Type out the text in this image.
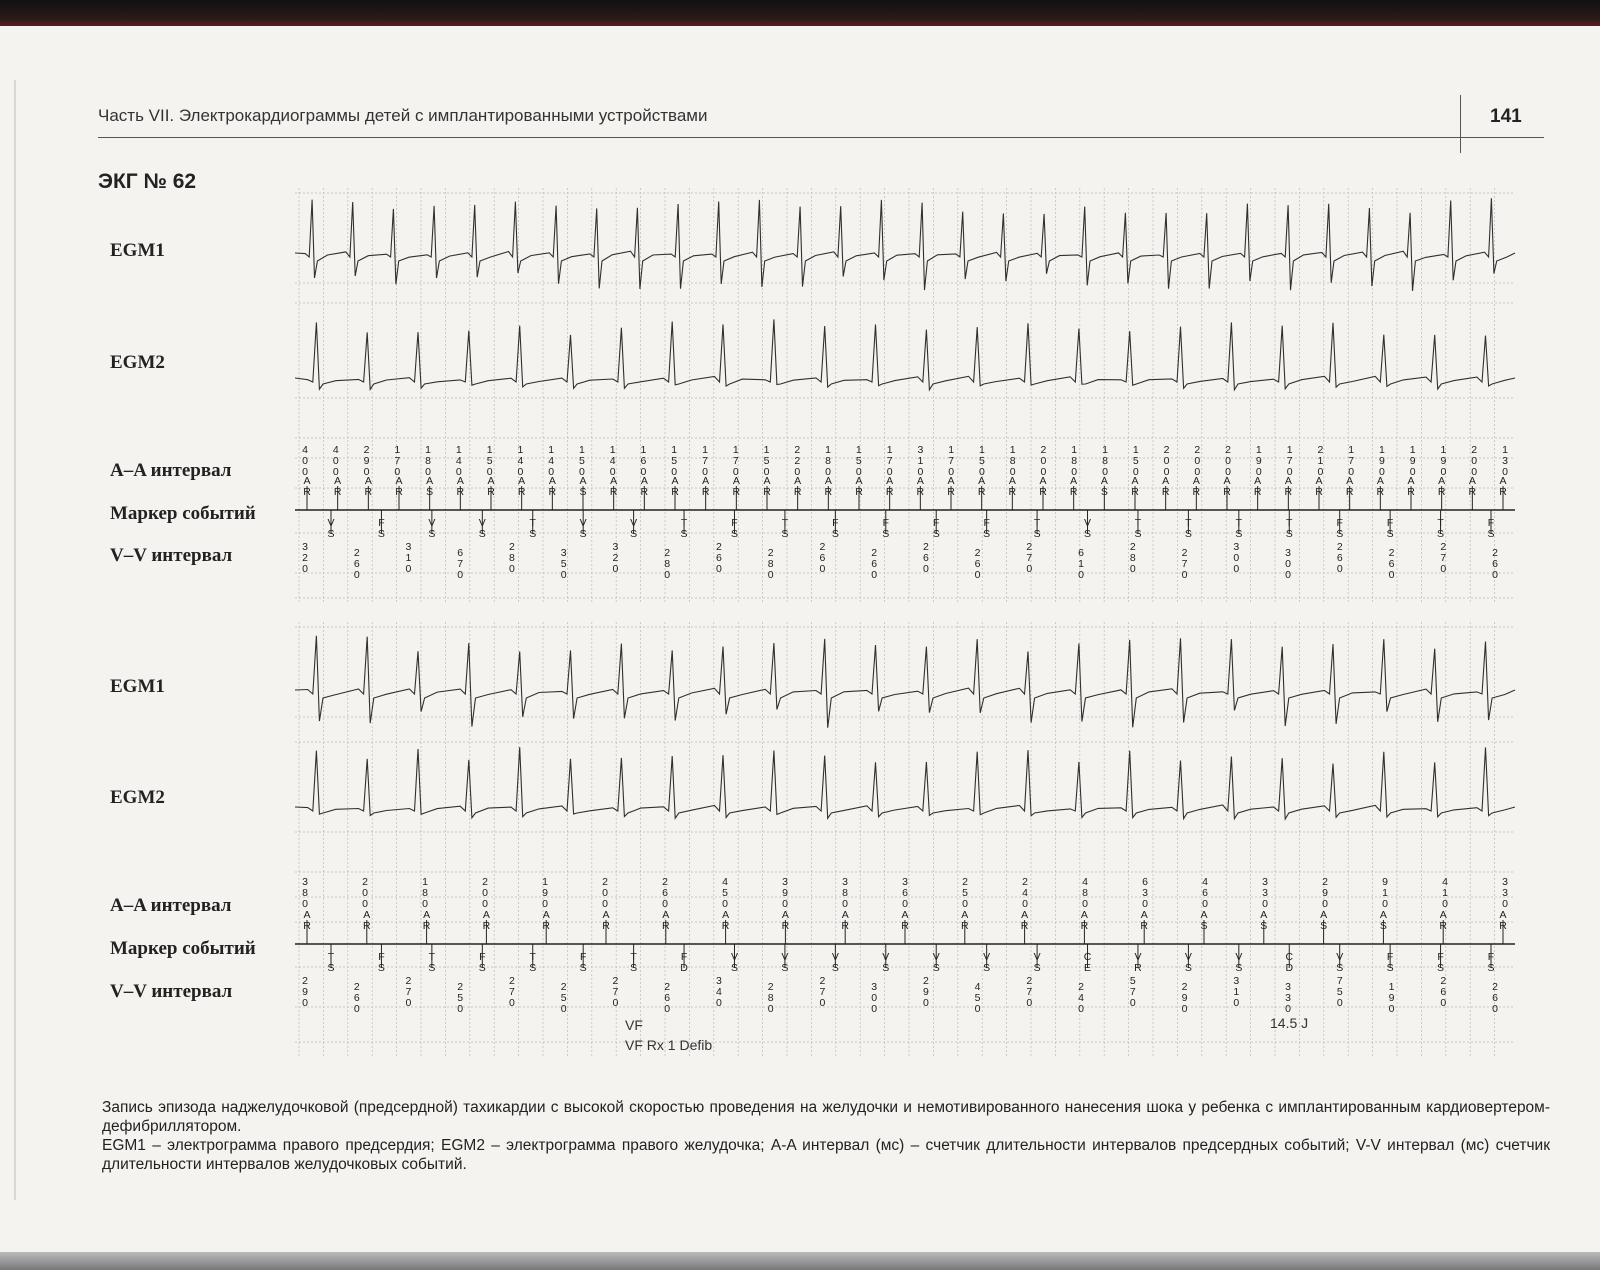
Часть VII. Электрокардиограммы детей с имплантированными устройствами	141
ЭКГ № 62
EGM1
EGM2
A–A интервал
Маркер событий
V–V интервал
EGM1
EGM2
A–A интервал
Маркер событий
V–V интервал
4 0 0
4 0 0
2 9 0
1 7 0
1 8 0
1 4 0
1 5 0
1 4 0
1 4 0
1 5 0
1 4 0
1 6 0
1 5 0
1 7 0
1 7 0
1 5 0
2 2 0
1 8 0
1 5 0
1 7 0
3 1 0
1 7 0
1 5 0
1 8 0
2 0 0
1 8 0
1 8 0
1 5 0
2 0 0
2 0 0
2 0 0
1 9 0
1 7 0
2 1 0
1 7 0
1 9 0
1 9 0
1 9 0
2 0 0
1 3 0
A R
A R
A R
A R
A S
A R
A R
A R
A R
A S
A R
A R
A R
A R
A R
A R
A R
A R
A R
A R
A R
A R
A R
A R
A R
A R
A S
A R
A R
A R
A R
A R
A R
A R
A R
A R
A R
A R
A R
A R
V S
F S
V S
V S
T S
V S
V S
T S
F S
T S
F S
F S
F S
F S
T S
V S
T S
T S
T S
T S
F S
F S
T S
F S
3 2 0
2 6 0
3 1 0
6 7 0
2 8 0
3 5 0
3 2 0
2 8 0
2 6 0
2 8 0
2 6 0
2 6 0
2 6 0
2 6 0
2 7 0
6 1 0
2 8 0
2 7 0
3 0 0
3 0 0
2 6 0
2 6 0
2 7 0
2 6 0
3 8 0
2 0 0
1 8 0
2 0 0
1 9 0
2 0 0
2 6 0
4 5 0
3 9 0
3 8 0
3 6 0
2 5 0
2 4 0
4 8 0
6 3 0
4 6 0
3 3 0
2 9 0
9 1 0
4 1 0
3 3 0
A R
A R
A R
A R
A R
A R
A R
A R
A R
A R
A R
A R
A R
A R
A R
A S
A S
A S
A S
A R
A R
T S
F S
T S
F S
T S
F S
T S
F D
V S
V S
V S
V S
V S
V S
V S
C E
V R
V S
V S
C D
V S
F S
F S
F S
2 9 0
2 6 0
2 7 0
2 5 0
2 7 0
2 5 0
2 7 0
2 6 0
3 4 0
2 8 0
2 7 0
3 0 0
2 9 0
4 5 0
2 7 0
2 4 0
5 7 0
2 9 0
3 1 0
3 3 0
7 5 0
1 9 0
2 6 0
2 6 0
VF
VF Rx 1 Defib
14.5 J

Запись эпизода наджелудочковой (предсердной) тахикардии с высокой скоростью проведения на желудочки и немотивированного нанесения шока у ребенка с имплантированным кардиовертером-дефибриллятором.

EGM1 – электрограмма правого предсердия; EGM2 – электрограмма правого желудочка; A-A интервал (мс) – счетчик длительности интервалов предсердных событий; V-V интервал (мс) счетчик длительности интервалов желудочковых событий.
